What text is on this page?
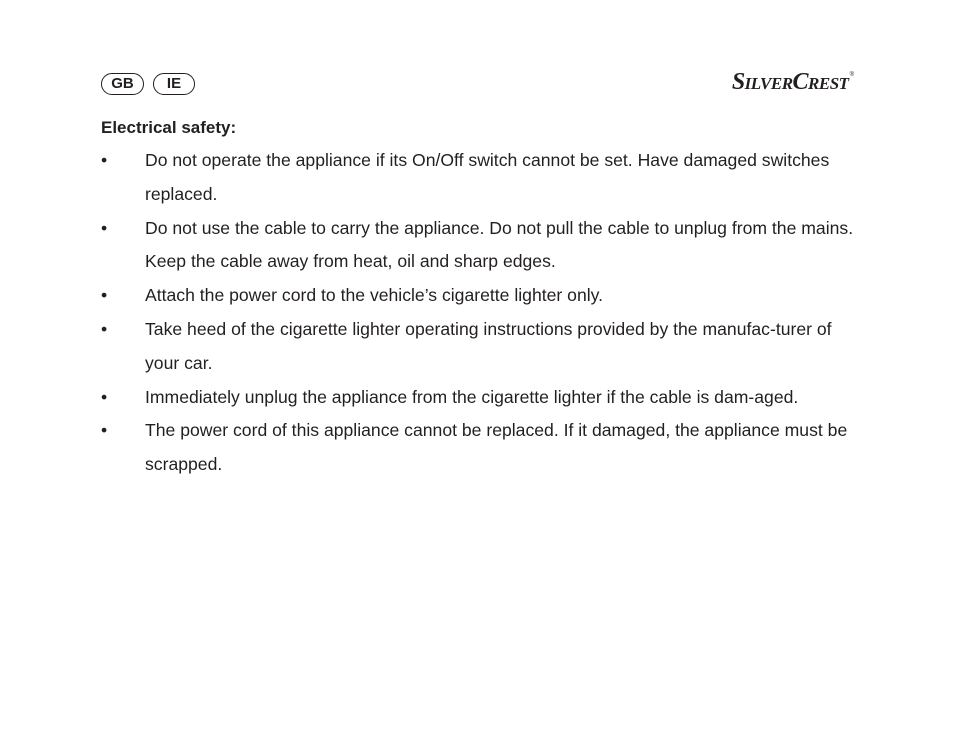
GB	IE	SilverCrest ®
Electrical safety:
• Do not operate the appliance if its On/Off switch cannot be set. Have damaged switches replaced.
• Do not use the cable to carry the appliance. Do not pull the cable to unplug from the mains. Keep the cable away from heat, oil and sharp edges.
• Attach the power cord to the vehicle’s cigarette lighter only.
• Take heed of the cigarette lighter operating instructions provided by the manufac-turer of your car.
• Immediately unplug the appliance from the cigarette lighter if the cable is dam-aged.
• The power cord of this appliance cannot be replaced. If it damaged, the appliance must be scrapped.
